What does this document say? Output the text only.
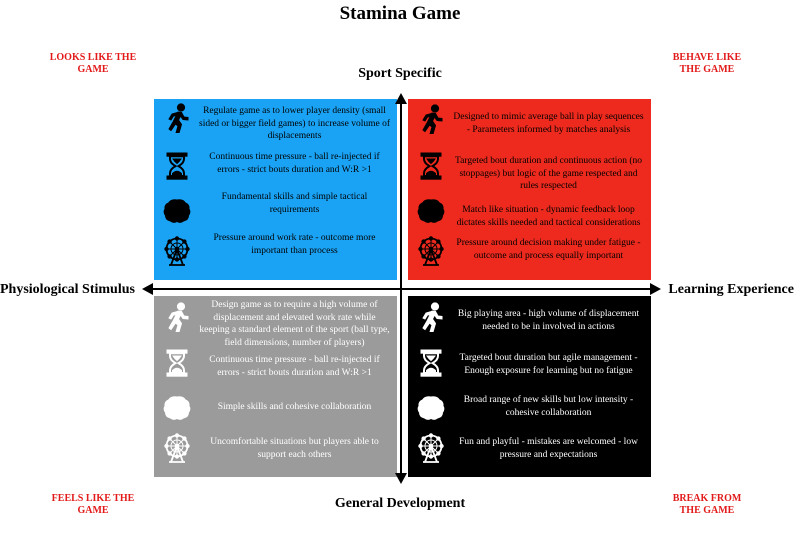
Stamina Game
LOOKS LIKE THE
GAME
BEHAVE LIKE
THE GAME
FEELS LIKE THE
GAME
BREAK FROM
THE GAME
Sport Specific
General Development
Physiological Stimulus	Learning Experience
Regulate game as to lower player density (small sided or bigger field games) to increase volume of displacements
Continuous time pressure - ball re-injected if errors - strict bouts duration and W:R >1
Fundamental skills and simple tactical requirements
Pressure around work rate - outcome more important than process
Designed to mimic average ball in play sequences - Parameters informed by matches analysis
Targeted bout duration and continuous action (no stoppages) but logic of the game respected and rules respected
Match like situation - dynamic feedback loop dictates skills needed and tactical considerations
Pressure around decision making under fatigue - outcome and process equally important
Design game as to require a high volume of displacement and elevated work rate while keeping a standard element of the sport (ball type, field dimensions, number of players)
Continuous time pressure - ball re-injected if errors - strict bouts duration and W:R >1
Simple skills and cohesive collaboration
Uncomfortable situations but players able to support each others
Big playing area - high volume of displacement needed to be in involved in actions
Targeted bout duration but agile management - Enough exposure for learning but no fatigue
Broad range of new skills but low intensity - cohesive collaboration
Fun and playful - mistakes are welcomed - low pressure and expectations
